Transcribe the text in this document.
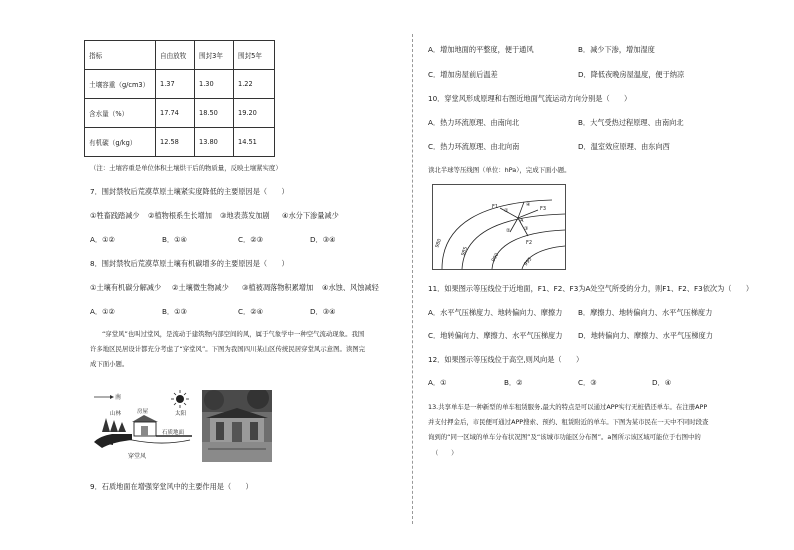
指标	自由放牧	围封3年	围封5年
土壤容重（g/cm3）	1.37	1.30	1.22
含水量（%）	17.74	18.50	19.20
有机碳（g/kg）	12.58	13.80	14.51
（注：土壤容重是单位体积土壤烘干后的物质量，反映土壤紧实度）
7．围封禁牧后荒漠草原土壤紧实度降低的主要原因是（　　）
①牲畜践踏减少 ②植物根系生长增加 ③地表蒸发加剧 ④水分下渗量减少
A．①②	B．①④	C．②③	D．③④
8．围封禁牧后荒漠草原土壤有机碳增多的主要原因是（　　）
①土壤有机碳分解减少 ②土壤微生物减少 ③植被凋落物积累增加 ④水蚀、风蚀减轻
A．①②	B．①③	C．②④	D．③④
“穿堂风”也叫过堂风，是流动于建筑物内部空间的风，属于气象学中一种空气流动现象。我国
许多地区民居设计都充分考虑了“穿堂风”。下图为我国四川某山区传统民居穿堂风示意图。读图完
成下面小题。
南
太阳
山林	房屋
石质地面
穿堂风
9．石质地面在增强穿堂风中的主要作用是（　　）
A．增加地面的平整度，便于通风	B．减少下渗，增加湿度
C．增加房屋前后温差	D．降低夜晚房屋温度，便于纳凉
10．穿堂风形成原理和右图近地面气流运动方向分别是（　　）
A．热力环流原理、由南向北	B．大气受热过程原理、由南向北
C．热力环流原理、由北向南	D．温室效应原理、由东向西
读北半球等压线图（单位：hPa），完成下面小题。
980
985
990	995
F1
F2
F3
①
②	③
④
A
11．如果图示等压线位于近地面，F1、F2、F3为A处空气所受的分力，则F1、F2、F3依次为（　　）
A．水平气压梯度力、地转偏向力、摩擦力 B．摩擦力、地转偏向力、水平气压梯度力
C．地转偏向力、摩擦力、水平气压梯度力 D．地转偏向力、摩擦力、水平气压梯度力
12．如果图示等压线位于高空,则风向是（　　）
A．①	B．②	C．③	D．④
13.共享单车是一种新型的单车租赁服务,最大的特点是可以通过APP实行无桩借还单车。在注册APP
并支付押金后，市民便可通过APP搜索、预约、租赁附近的单车。下图为某市民在一天中不同时段查
询到的“同一区域的单车分布状况图”及“该城市功能区分布图”。a图所示该区域可能位于右图中的
（　　）
